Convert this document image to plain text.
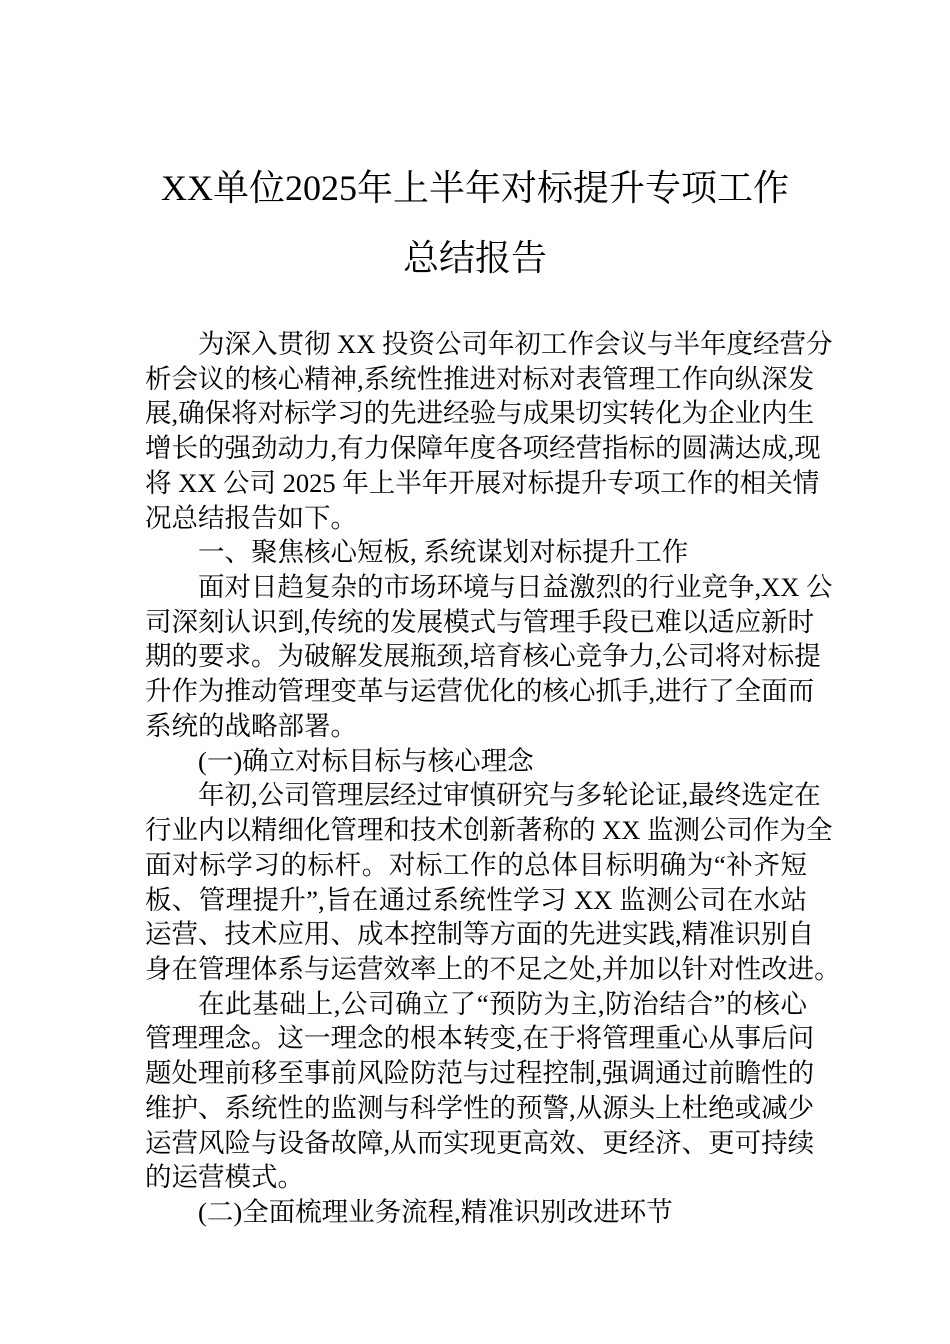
XX单位2025年上半年对标提升专项工作
总结报告
为深入贯彻 XX 投资公司年初工作会议与半年度经营分
析会议的核心精神,系统性推进对标对表管理工作向纵深发
展,确保将对标学习的先进经验与成果切实转化为企业内生
增长的强劲动力,有力保障年度各项经营指标的圆满达成,现
将 XX 公司 2025 年上半年开展对标提升专项工作的相关情
况总结报告如下。
一、聚焦核心短板, 系统谋划对标提升工作
面对日趋复杂的市场环境与日益激烈的行业竞争,XX 公
司深刻认识到,传统的发展模式与管理手段已难以适应新时
期的要求。为破解发展瓶颈,培育核心竞争力,公司将对标提
升作为推动管理变革与运营优化的核心抓手,进行了全面而
系统的战略部署。
(一)确立对标目标与核心理念
年初,公司管理层经过审慎研究与多轮论证,最终选定在
行业内以精细化管理和技术创新著称的 XX 监测公司作为全
面对标学习的标杆。对标工作的总体目标明确为“补齐短
板、管理提升”,旨在通过系统性学习 XX 监测公司在水站
运营、技术应用、成本控制等方面的先进实践,精准识别自
身在管理体系与运营效率上的不足之处,并加以针对性改进。
在此基础上,公司确立了“预防为主,防治结合”的核心
管理理念。这一理念的根本转变,在于将管理重心从事后问
题处理前移至事前风险防范与过程控制,强调通过前瞻性的
维护、系统性的监测与科学性的预警,从源头上杜绝或减少
运营风险与设备故障,从而实现更高效、更经济、更可持续
的运营模式。
(二)全面梳理业务流程,精准识别改进环节
